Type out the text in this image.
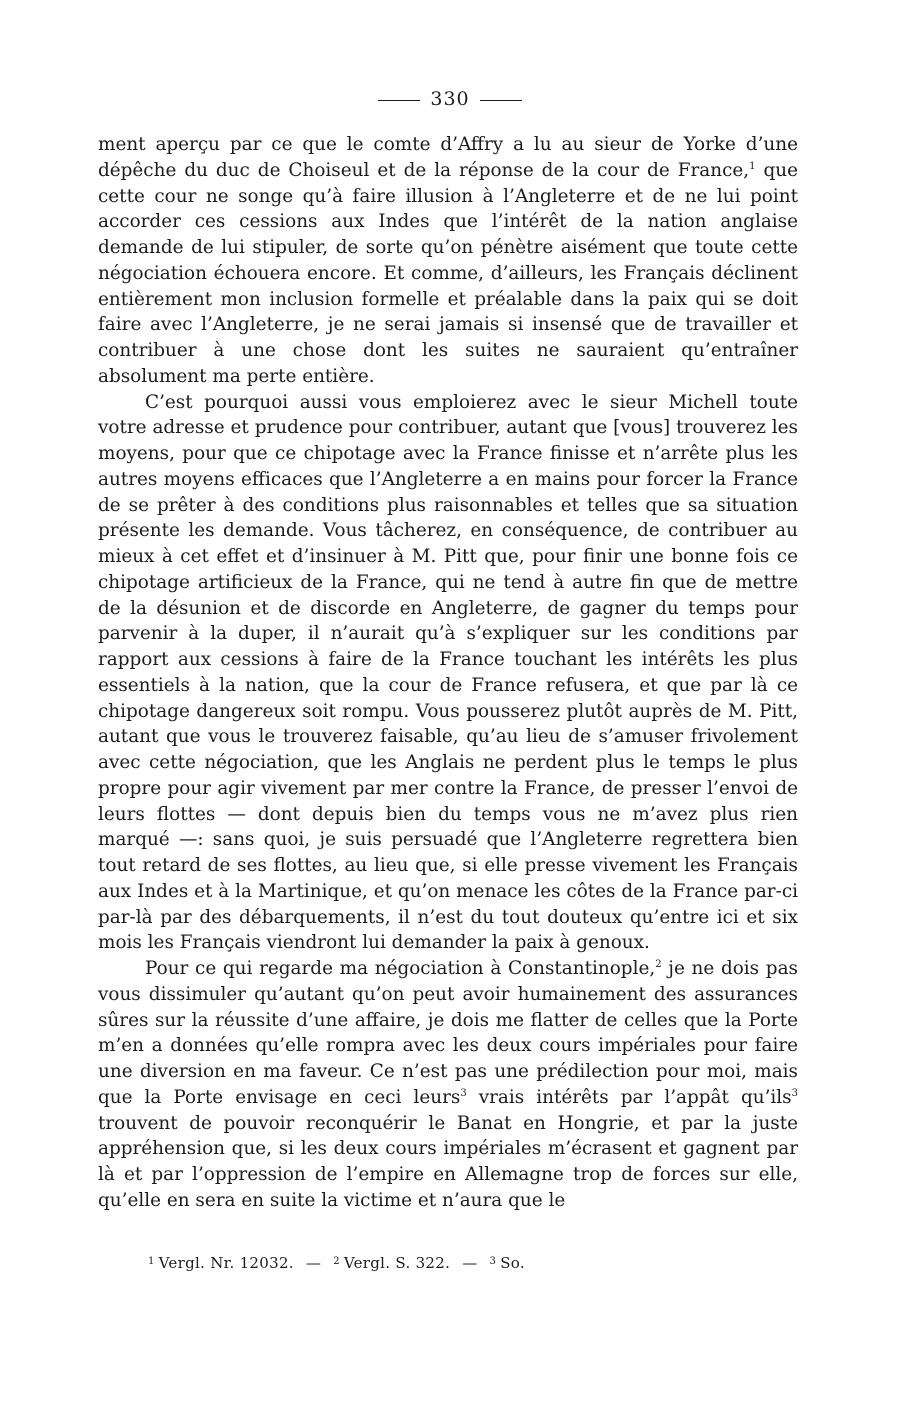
330

ment aperçu par ce que le comte d’Affry a lu au sieur de Yorke d’une dépêche du duc de Choiseul et de la réponse de la cour de France,$^1$ que cette cour ne songe qu’à faire illusion à l’Angleterre et de ne lui point accorder ces cessions aux Indes que l’intérêt de la nation anglaise demande de lui stipuler, de sorte qu’on pénètre aisément que toute cette négociation échouera encore. Et comme, d’ailleurs, les Français déclinent entièrement mon inclusion formelle et préalable dans la paix qui se doit faire avec l’Angleterre, je ne serai jamais si insensé que de travailler et contribuer à une chose dont les suites ne sauraient qu’entraîner absolument ma perte entière.

C’est pourquoi aussi vous emploierez avec le sieur Michell toute votre adresse et prudence pour contribuer, autant que [vous] trouverez les moyens, pour que ce chipotage avec la France finisse et n’arrête plus les autres moyens efficaces que l’Angleterre a en mains pour forcer la France de se prêter à des conditions plus raisonnables et telles que sa situation présente les demande. Vous tâcherez, en conséquence, de contribuer au mieux à cet effet et d’insinuer à M. Pitt que, pour finir une bonne fois ce chipotage artificieux de la France, qui ne tend à autre fin que de mettre de la désunion et de discorde en Angleterre, de gagner du temps pour parvenir à la duper, il n’aurait qu’à s’expliquer sur les conditions par rapport aux cessions à faire de la France touchant les intérêts les plus essentiels à la nation, que la cour de France refusera, et que par là ce chipotage dangereux soit rompu. Vous pousserez plutôt auprès de M. Pitt, autant que vous le trouverez faisable, qu’au lieu de s’amuser frivolement avec cette négociation, que les Anglais ne perdent plus le temps le plus propre pour agir vivement par mer contre la France, de presser l’envoi de leurs flottes — dont depuis bien du temps vous ne m’avez plus rien marqué —: sans quoi, je suis persuadé que l’Angleterre regrettera bien tout retard de ses flottes, au lieu que, si elle presse vivement les Français aux Indes et à la Martinique, et qu’on menace les côtes de la France par-ci par-là par des débarquements, il n’est du tout douteux qu’entre ici et six mois les Français viendront lui demander la paix à genoux.

Pour ce qui regarde ma négociation à Constantinople,$^2$ je ne dois pas vous dissimuler qu’autant qu’on peut avoir humainement des assurances sûres sur la réussite d’une affaire, je dois me flatter de celles que la Porte m’en a données qu’elle rompra avec les deux cours impériales pour faire une diversion en ma faveur. Ce n’est pas une prédilection pour moi, mais que la Porte envisage en ceci leurs$^3$ vrais intérêts par l’appât qu’ils$^3$ trouvent de pouvoir reconquérir le Banat en Hongrie, et par la juste appréhension que, si les deux cours impériales m’écrasent et gagnent par là et par l’oppression de l’empire en Allemagne trop de forces sur elle, qu’elle en sera en suite la victime et n’aura que le

$^1$ Vergl. Nr. 12032. — $^2$ Vergl. S. 322. — $^3$ So.
